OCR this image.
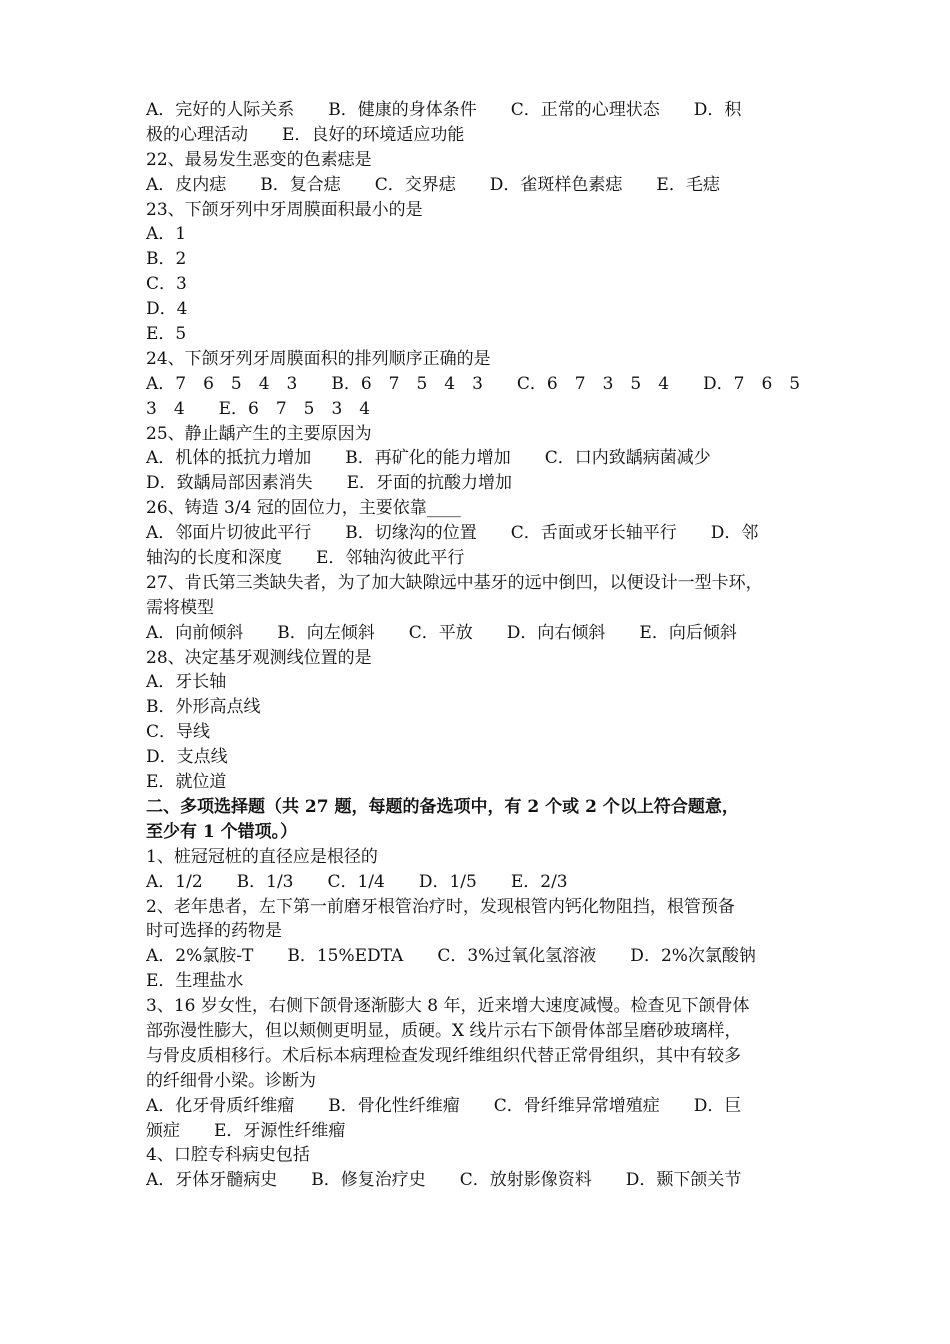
A．完好的人际关系　　B．健康的身体条件　　C．正常的心理状态　　D．积
极的心理活动　　E．良好的环境适应功能
22、最易发生恶变的色素痣是
A．皮内痣　　B．复合痣　　C．交界痣　　D．雀斑样色素痣　　E．毛痣
23、下颌牙列中牙周膜面积最小的是
A．1
B．2
C．3
D．4
E．5
24、下颌牙列牙周膜面积的排列顺序正确的是
A．7　6　5　4　3　　B．6　7　5　4　3　　C．6　7　3　5　4　　D．7　6　5
3　4　　E．6　7　5　3　4
25、静止龋产生的主要原因为
A．机体的抵抗力增加　　B．再矿化的能力增加　　C．口内致龋病菌减少
D．致龋局部因素消失　　E．牙面的抗酸力增加
26、铸造 3/4 冠的固位力，主要依靠____
A．邻面片切彼此平行　　B．切缘沟的位置　　C．舌面或牙长轴平行　　D．邻
轴沟的长度和深度　　E．邻轴沟彼此平行
27、肯氏第三类缺失者，为了加大缺隙远中基牙的远中倒凹，以便设计一型卡环，
需将模型
A．向前倾斜　　B．向左倾斜　　C．平放　　D．向右倾斜　　E．向后倾斜
28、决定基牙观测线位置的是
A．牙长轴
B．外形高点线
C．导线
D．支点线
E．就位道
二、多项选择题（共 27 题，每题的备选项中，有 2 个或 2 个以上符合题意，
至少有 1 个错项。）
1、桩冠冠桩的直径应是根径的
A．1/2　　B．1/3　　C．1/4　　D．1/5　　E．2/3
2、老年患者，左下第一前磨牙根管治疗时，发现根管内钙化物阻挡，根管预备
时可选择的药物是
A．2%氯胺-T　　B．15%EDTA　　C．3%过氧化氢溶液　　D．2%次氯酸钠
E．生理盐水
3、16 岁女性，右侧下颌骨逐渐膨大 8 年，近来增大速度减慢。检查见下颌骨体
部弥漫性膨大，但以颊侧更明显，质硬。X 线片示右下颌骨体部呈磨砂玻璃样，
与骨皮质相移行。术后标本病理检查发现纤维组织代替正常骨组织，其中有较多
的纤细骨小梁。诊断为
A．化牙骨质纤维瘤　　B．骨化性纤维瘤　　C．骨纤维异常增殖症　　D．巨
颁症　　E．牙源性纤维瘤
4、口腔专科病史包括
A．牙体牙髓病史　　B．修复治疗史　　C．放射影像资料　　D．颞下颌关节
